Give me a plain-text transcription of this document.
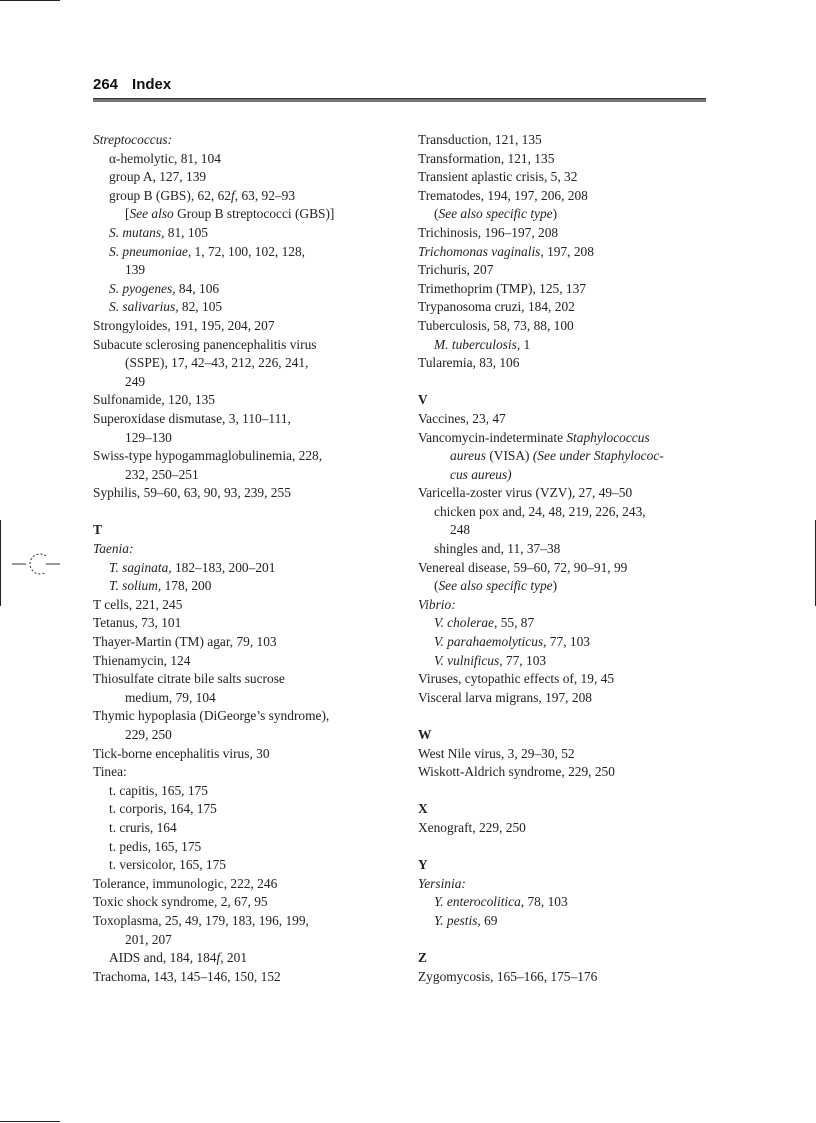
264 Index
Streptococcus:
α-hemolytic, 81, 104
group A, 127, 139
group B (GBS), 62, 62f, 63, 92–93
[See also Group B streptococci (GBS)]
S. mutans, 81, 105
S. pneumoniae, 1, 72, 100, 102, 128,
139
S. pyogenes, 84, 106
S. salivarius, 82, 105
Strongyloides, 191, 195, 204, 207
Subacute sclerosing panencephalitis virus
(SSPE), 17, 42–43, 212, 226, 241,
249
Sulfonamide, 120, 135
Superoxidase dismutase, 3, 110–111,
129–130
Swiss-type hypogammaglobulinemia, 228,
232, 250–251
Syphilis, 59–60, 63, 90, 93, 239, 255
T
Taenia:
T. saginata, 182–183, 200–201
T. solium, 178, 200
T cells, 221, 245
Tetanus, 73, 101
Thayer-Martin (TM) agar, 79, 103
Thienamycin, 124
Thiosulfate citrate bile salts sucrose
medium, 79, 104
Thymic hypoplasia (DiGeorge’s syndrome),
229, 250
Tick-borne encephalitis virus, 30
Tinea:
t. capitis, 165, 175
t. corporis, 164, 175
t. cruris, 164
t. pedis, 165, 175
t. versicolor, 165, 175
Tolerance, immunologic, 222, 246
Toxic shock syndrome, 2, 67, 95
Toxoplasma, 25, 49, 179, 183, 196, 199,
201, 207
AIDS and, 184, 184f, 201
Trachoma, 143, 145–146, 150, 152
Transduction, 121, 135
Transformation, 121, 135
Transient aplastic crisis, 5, 32
Trematodes, 194, 197, 206, 208
(See also specific type)
Trichinosis, 196–197, 208
Trichomonas vaginalis, 197, 208
Trichuris, 207
Trimethoprim (TMP), 125, 137
Trypanosoma cruzi, 184, 202
Tuberculosis, 58, 73, 88, 100
M. tuberculosis, 1
Tularemia, 83, 106
V
Vaccines, 23, 47
Vancomycin-indeterminate Staphylococcus
aureus (VISA) (See under Staphylococ-
cus aureus)
Varicella-zoster virus (VZV), 27, 49–50
chicken pox and, 24, 48, 219, 226, 243,
248
shingles and, 11, 37–38
Venereal disease, 59–60, 72, 90–91, 99
(See also specific type)
Vibrio:
V. cholerae, 55, 87
V. parahaemolyticus, 77, 103
V. vulnificus, 77, 103
Viruses, cytopathic effects of, 19, 45
Visceral larva migrans, 197, 208
W
West Nile virus, 3, 29–30, 52
Wiskott-Aldrich syndrome, 229, 250
X
Xenograft, 229, 250
Y
Yersinia:
Y. enterocolitica, 78, 103
Y. pestis, 69
Z
Zygomycosis, 165–166, 175–176
